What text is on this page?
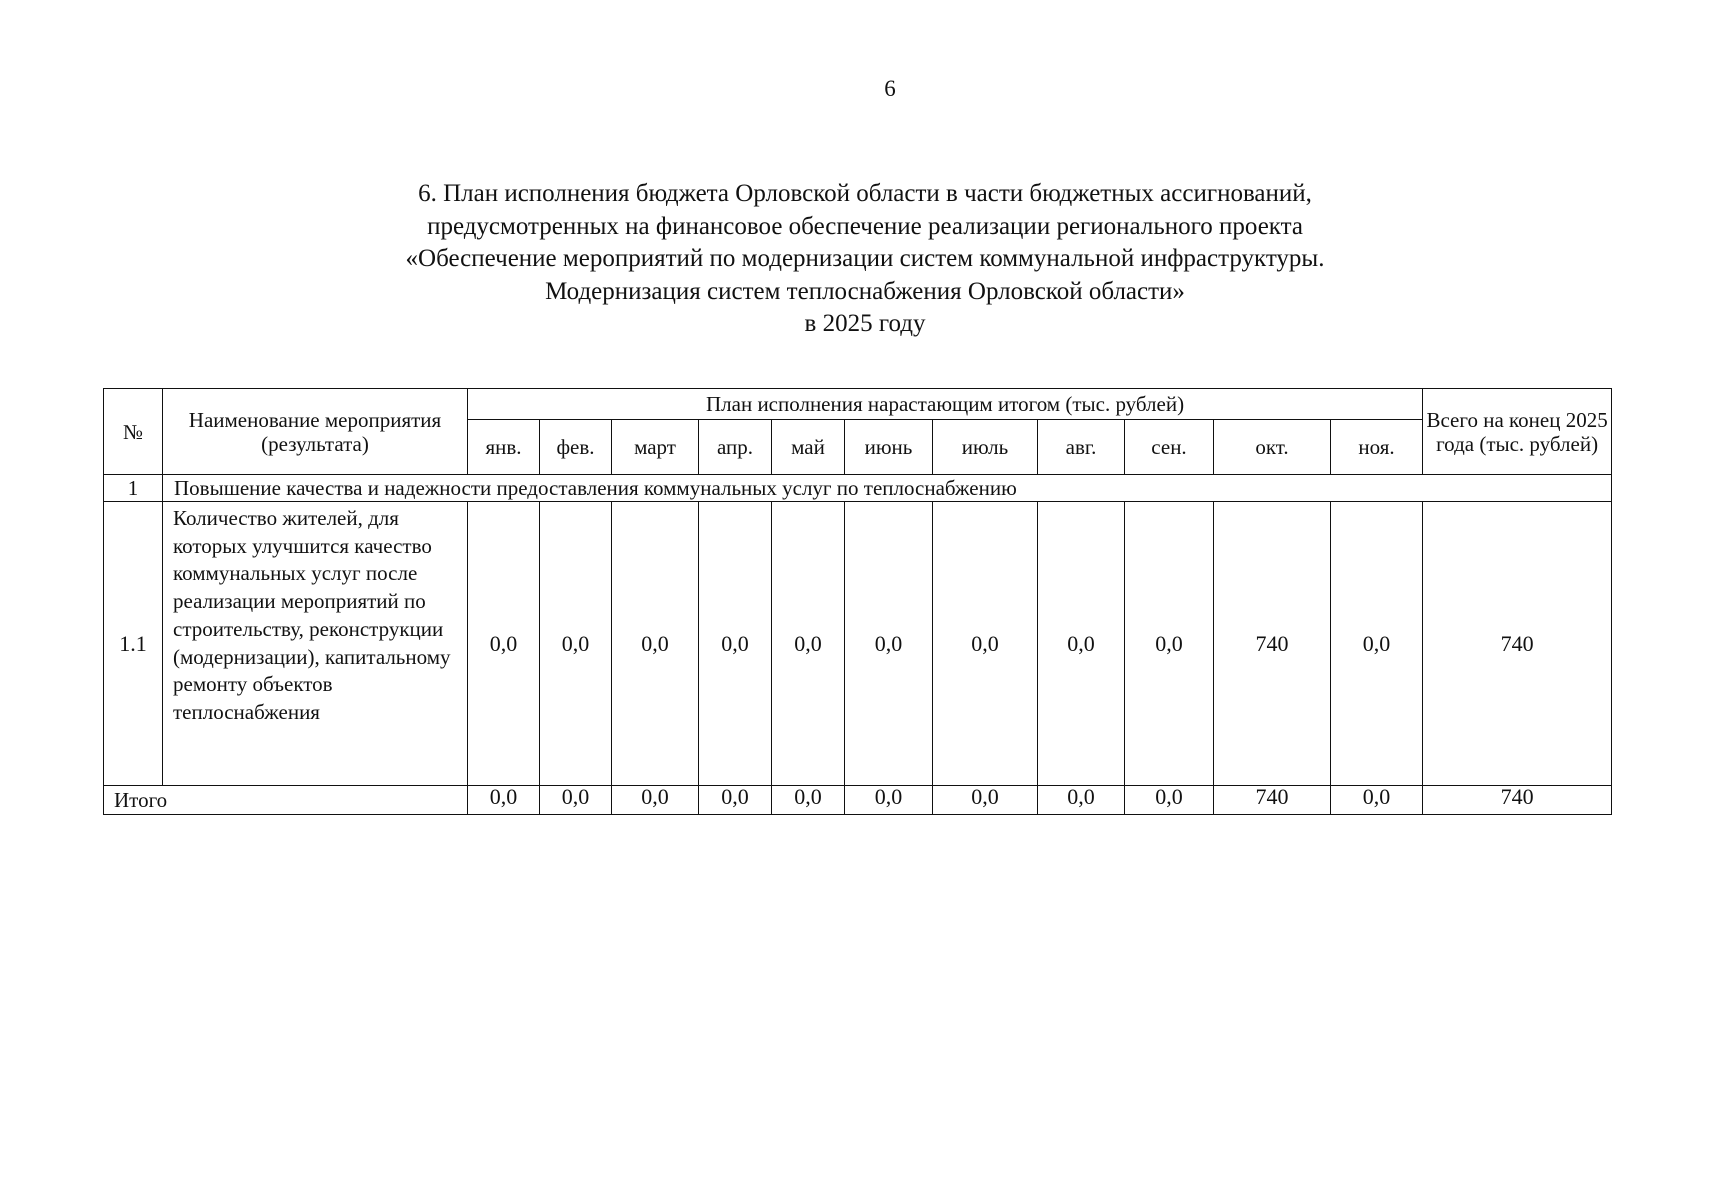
6
6. План исполнения бюджета Орловской области в части бюджетных ассигнований,
предусмотренных на финансовое обеспечение реализации регионального проекта
«Обеспечение мероприятий по модернизации систем коммунальной инфраструктуры.
Модернизация систем теплоснабжения Орловской области»
в 2025 году
№	Наименование мероприятия (результата)	План исполнения нарастающим итогом (тыс. рублей)											Всего на конец 2025 года (тыс. рублей)
		янв.	фев.	март	апр.	май	июнь	июль	авг.	сен.	окт.	ноя.	
1	Повышение качества и надежности предоставления коммунальных услуг по теплоснабжению												
1.1	Количество жителей, для которых улучшится качество коммунальных услуг после реализации мероприятий по строительству, реконструкции (модернизации), капитальному ремонту объектов теплоснабжения	0,0	0,0	0,0	0,0	0,0	0,0	0,0	0,0	0,0	740	0,0	740
Итого		0,0	0,0	0,0	0,0	0,0	0,0	0,0	0,0	0,0	740	0,0	740
